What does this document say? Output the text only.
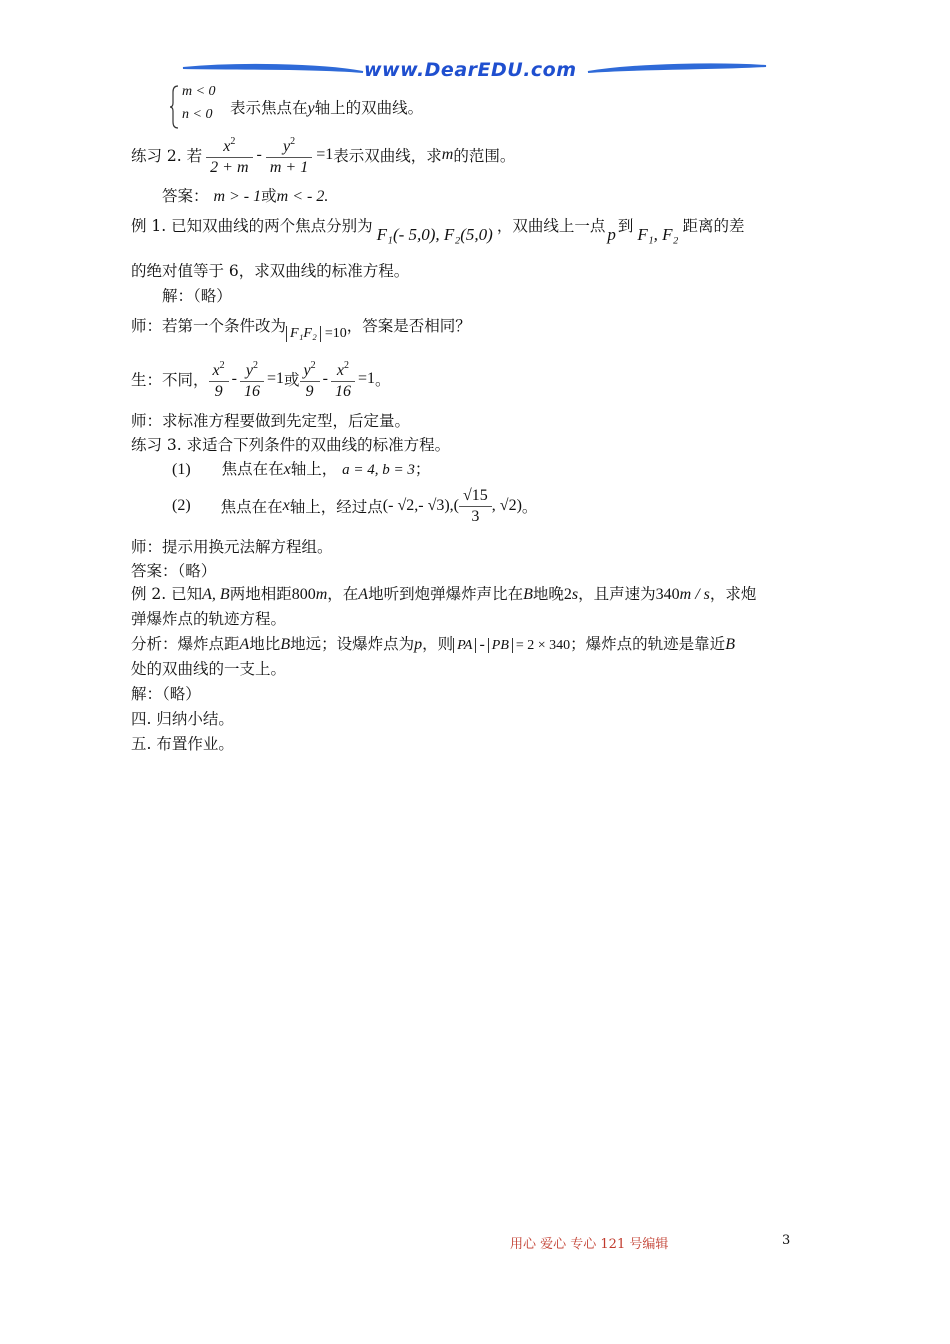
www.DearEDU.com
m < 0
n < 0 表示焦点在y轴上的双曲线。
练习 2. 若 $\frac{x^2}{2 + m} - \frac{y^2}{m + 1} =1$ 表示双曲线，求 m 的范围。
答案： m > - 1或m < - 2.
例 1. 已知双曲线的两个焦点分别为 F₁(- 5,0), F₂(5,0) ，双曲线上一点 p 到 F₁, F₂ 距离的差
的绝对值等于 6，求双曲线的标准方程。
解：（略）
师：若第一个条件改为 F₁F₂ =10 ，答案是否相同？
生：不同， $\frac{x^2}{9} - \frac{y^2}{16} =1$ 或 $\frac{y^2}{9} - \frac{x^2}{16} =1$ 。
师：求标准方程要做到先定型，后定量。
练习 3. 求适合下列条件的双曲线的标准方程。
(1) 焦点在在x轴上， a = 4, b = 3；
(2) 焦点在在 x 轴上，经过点 (- √2,- $√3),( \frac{√15}{3}$ , √2) 。
师：提示用换元法解方程组。
答案：（略）
例 2. 已知A, B两地相距800m，在A地听到炮弹爆炸声比在B地晚2s，且声速为340m / s，求炮
弹爆炸点的轨迹方程。
分析：爆炸点距A地比B地远；设爆炸点为p，则 PA - PB = 2 × 340；爆炸点的轨迹是靠近B
处的双曲线的一支上。
解：（略）
四. 归纳小结。
五. 布置作业。
用心 爱心 专心 121 号编辑	3
